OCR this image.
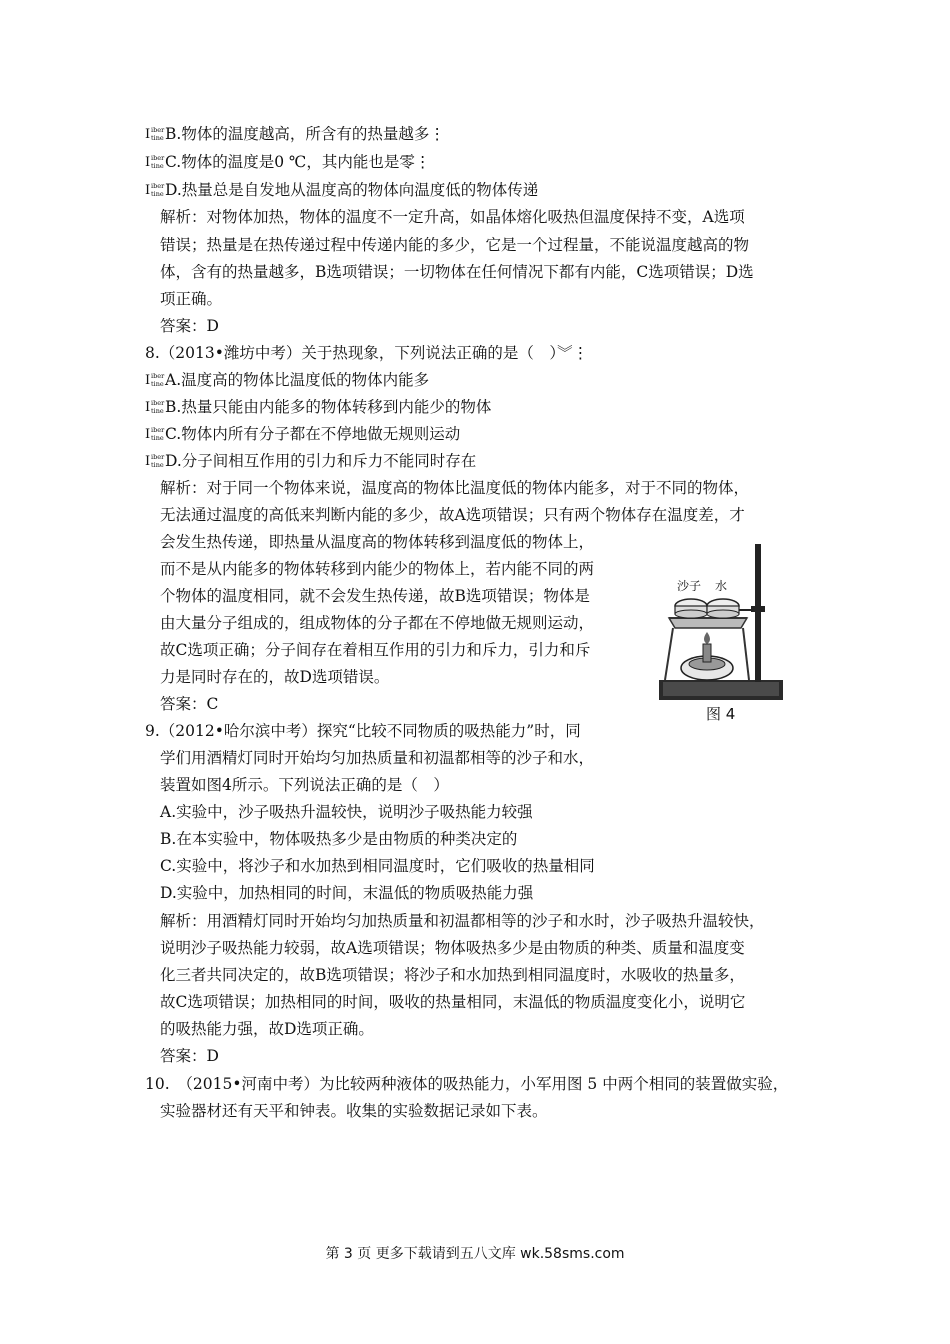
I iber
tine B.物体的温度越高，所含有的热量越多⋮
I iber
tine C.物体的温度是0 ℃，其内能也是零⋮
I iber
tine D.热量总是自发地从温度高的物体向温度低的物体传递
解析：对物体加热，物体的温度不一定升高，如晶体熔化吸热但温度保持不变，A选项
错误；热量是在热传递过程中传递内能的多少，它是一个过程量，不能说温度越高的物
体，含有的热量越多，B选项错误；一切物体在任何情况下都有内能，C选项错误；D选
项正确。
答案：D
8.（2013•潍坊中考）关于热现象，下列说法正确的是（　）︾⋮
I iber
tine A.温度高的物体比温度低的物体内能多
I iber
tine B.热量只能由内能多的物体转移到内能少的物体
I iber
tine C.物体内所有分子都在不停地做无规则运动
I iber
tine D.分子间相互作用的引力和斥力不能同时存在
解析：对于同一个物体来说，温度高的物体比温度低的物体内能多，对于不同的物体，
无法通过温度的高低来判断内能的多少，故A选项错误；只有两个物体存在温度差，才
会发生热传递，即热量从温度高的物体转移到温度低的物体上，
而不是从内能多的物体转移到内能少的物体上，若内能不同的两
个物体的温度相同，就不会发生热传递，故B选项错误；物体是
由大量分子组成的，组成物体的分子都在不停地做无规则运动，
故C选项正确；分子间存在着相互作用的引力和斥力，引力和斥
力是同时存在的，故D选项错误。
答案：C
9.（2012•哈尔滨中考）探究“比较不同物质的吸热能力”时，同
学们用酒精灯同时开始均匀加热质量和初温都相等的沙子和水，
装置如图4所示。下列说法正确的是（　）
A.实验中，沙子吸热升温较快，说明沙子吸热能力较强
B.在本实验中，物体吸热多少是由物质的种类决定的
C.实验中，将沙子和水加热到相同温度时，它们吸收的热量相同
D.实验中，加热相同的时间，末温低的物质吸热能力强
解析：用酒精灯同时开始均匀加热质量和初温都相等的沙子和水时，沙子吸热升温较快，
说明沙子吸热能力较弱，故A选项错误；物体吸热多少是由物质的种类、质量和温度变
化三者共同决定的，故B选项错误；将沙子和水加热到相同温度时，水吸收的热量多，
故C选项错误；加热相同的时间，吸收的热量相同，末温低的物质温度变化小，说明它
的吸热能力强，故D选项正确。
答案：D
10.　（2015•河南中考）为比较两种液体的吸热能力，小军用图 5 中两个相同的装置做实验，
实验器材还有天平和钟表。收集的实验数据记录如下表。
沙子 水
图 4
第 3 页 更多下载请到五八文库 wk.58sms.com
